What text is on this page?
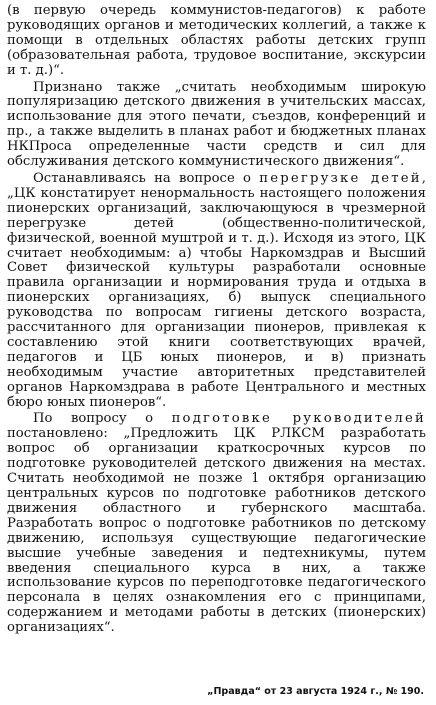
(в первую очередь коммунистов-педагогов) к работе руководящих органов и методических коллегий, а также к помощи в отдельных областях работы детских групп (образовательная работа, трудовое воспитание, экскурсии и т. д.)“.

Признано также „считать необходимым широкую популяризацию детского движения в учительских массах, использование для этого печати, съездов, конференций и пр., а также выделить в планах работ и бюджетных планах НКПроса определенные части средств и сил для обслуживания детского коммунистического движения“.

Останавливаясь на вопросе о перегрузке детей, „ЦК констатирует ненормальность настоящего положения пионерских организаций, заключающуюся в чрезмерной перегрузке детей (общественно-политической, физической, военной муштрой и т. д.). Исходя из этого, ЦК считает необходимым: а) чтобы Наркомздрав и Высший Совет физической культуры разработали основные правила организации и нормирования труда и отдыха в пионерских организациях, б) выпуск специального руководства по вопросам гигиены детского возраста, рассчитанного для организации пионеров, привлекая к составлению этой книги соответствующих врачей, педагогов и ЦБ юных пионеров, и в) признать необходимым участие авторитетных представителей органов Наркомздрава в работе Центрального и местных бюро юных пионеров“.

По вопросу о подготовке руководителей постановлено: „Предложить ЦК РЛКСМ разработать вопрос об организации краткосрочных курсов по подготовке руководителей детского движения на местах. Считать необходимой не позже 1 октября организацию центральных курсов по подготовке работников детского движения областного и губернского масштаба. Разработать вопрос о подготовке работников по детскому движению, используя существующие педагогические высшие учебные заведения и педтехникумы, путем введения специального курса в них, а также использование курсов по переподготовке педагогического персонала в целях ознакомления его с принципами, содержанием и методами работы в детских (пионерских) организациях“.

„Правда“ от 23 августа 1924 г., № 190.
